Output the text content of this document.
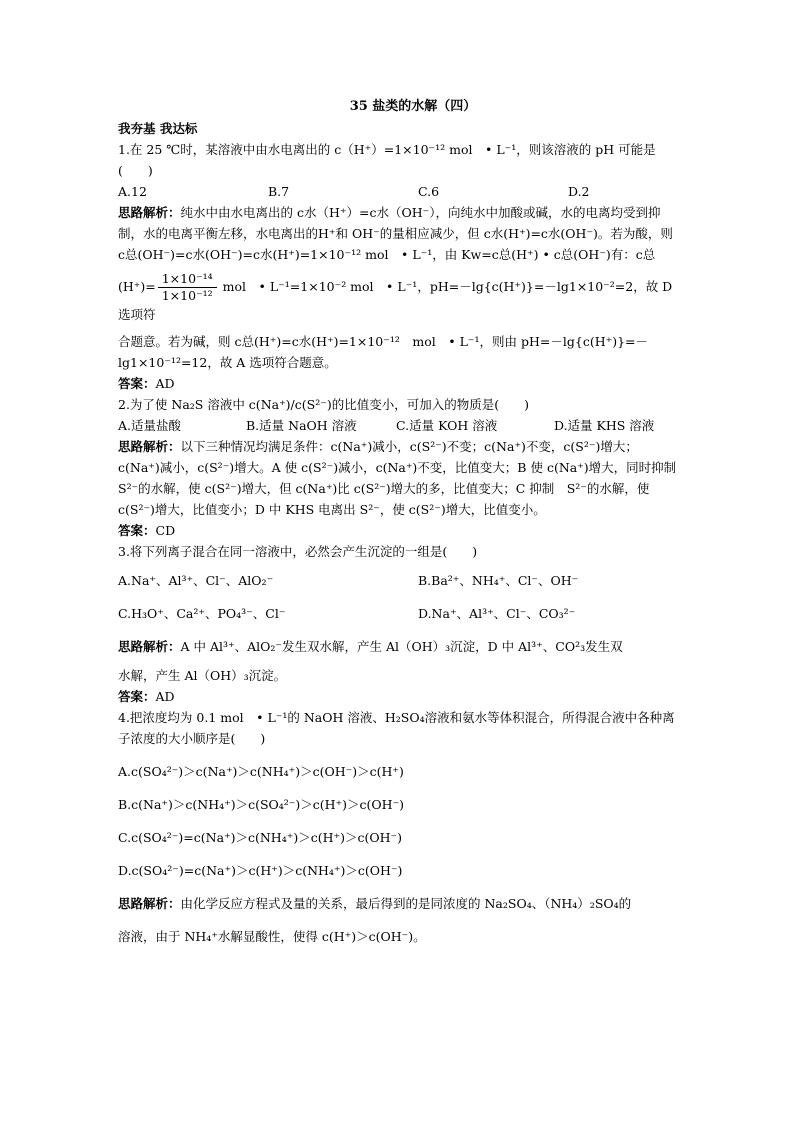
35 盐类的水解（四）

我夯基 我达标

1.在 25 ℃时，某溶液中由水电离出的 c（H⁺）=1×10⁻¹² mol　• L⁻¹，则该溶液的 pH 可能是(　　)

A.12	B.7	C.6	D.2

思路解析：纯水中由水电离出的 c水（H⁺）=c水（OH⁻），向纯水中加酸或碱，水的电离均受到抑制，水的电离平衡左移，水电离出的H⁺和 OH⁻的量相应减少，但 c水(H⁺)=c水(OH⁻)。若为酸，则 c总(OH⁻)=c水(OH⁻)=c水(H⁺)=1×10⁻¹² mol　• L⁻¹，由 Kw=c总(H⁺) • c总(OH⁻)有：c总

$(H^+)= \frac{\text{1×10⁻¹⁴}}{\text{1×10⁻¹²}}$ mol　• L⁻¹=1×10⁻² mol　• L⁻¹，pH=－lg{c(H⁺)}=－lg1×10⁻²=2，故 D 选项符

合题意。若为碱，则 c总(H⁺)=c水(H⁺)=1×10⁻¹²　mol　• L⁻¹，则由 pH=－lg{c(H⁺)}=－lg1×10⁻¹²=12，故 A 选项符合题意。

答案：AD

2.为了使 Na₂S 溶液中 c(Na⁺)/c(S²⁻)的比值变小，可加入的物质是(　　)

A.适量盐酸	B.适量 NaOH 溶液	C.适量 KOH 溶液	D.适量 KHS 溶液

思路解析：以下三种情况均满足条件：c(Na⁺)减小，c(S²⁻)不变；c(Na⁺)不变，c(S²⁻)增大；c(Na⁺)减小，c(S²⁻)增大。A 使 c(S²⁻)减小，c(Na⁺)不变，比值变大；B 使 c(Na⁺)增大，同时抑制 S²⁻的水解，使 c(S²⁻)增大，但 c(Na⁺)比 c(S²⁻)增大的多，比值变大；C 抑制　S²⁻的水解，使 c(S²⁻)增大，比值变小；D 中 KHS 电离出 S²⁻，使 c(S²⁻)增大，比值变小。

答案：CD

3.将下列离子混合在同一溶液中，必然会产生沉淀的一组是(　　)

A.Na⁺、Al³⁺、Cl⁻、AlO₂⁻	B.Ba²⁺、NH₄⁺、Cl⁻、OH⁻
C.H₃O⁺、Ca²⁺、PO₄³⁻、Cl⁻	D.Na⁺、Al³⁺、Cl⁻、CO₃²⁻

思路解析：A 中 Al³⁺、AlO₂⁻发生双水解，产生 Al（OH）₃沉淀，D 中 Al³⁺、CO²₃发生双

水解，产生 Al（OH）₃沉淀。

答案：AD

4.把浓度均为 0.1 mol　• L⁻¹的 NaOH 溶液、H₂SO₄溶液和氨水等体积混合，所得混合液中各种离子浓度的大小顺序是(　　)

A.c(SO₄²⁻)＞c(Na⁺)＞c(NH₄⁺)＞c(OH⁻)＞c(H⁺)

B.c(Na⁺)＞c(NH₄⁺)＞c(SO₄²⁻)＞c(H⁺)＞c(OH⁻)

C.c(SO₄²⁻)=c(Na⁺)＞c(NH₄⁺)＞c(H⁺)＞c(OH⁻)

D.c(SO₄²⁻)=c(Na⁺)＞c(H⁺)＞c(NH₄⁺)＞c(OH⁻)

思路解析：由化学反应方程式及量的关系，最后得到的是同浓度的 Na₂SO₄、（NH₄）₂SO₄的

溶液，由于 NH₄⁺水解显酸性，使得 c(H⁺)＞c(OH⁻)。
